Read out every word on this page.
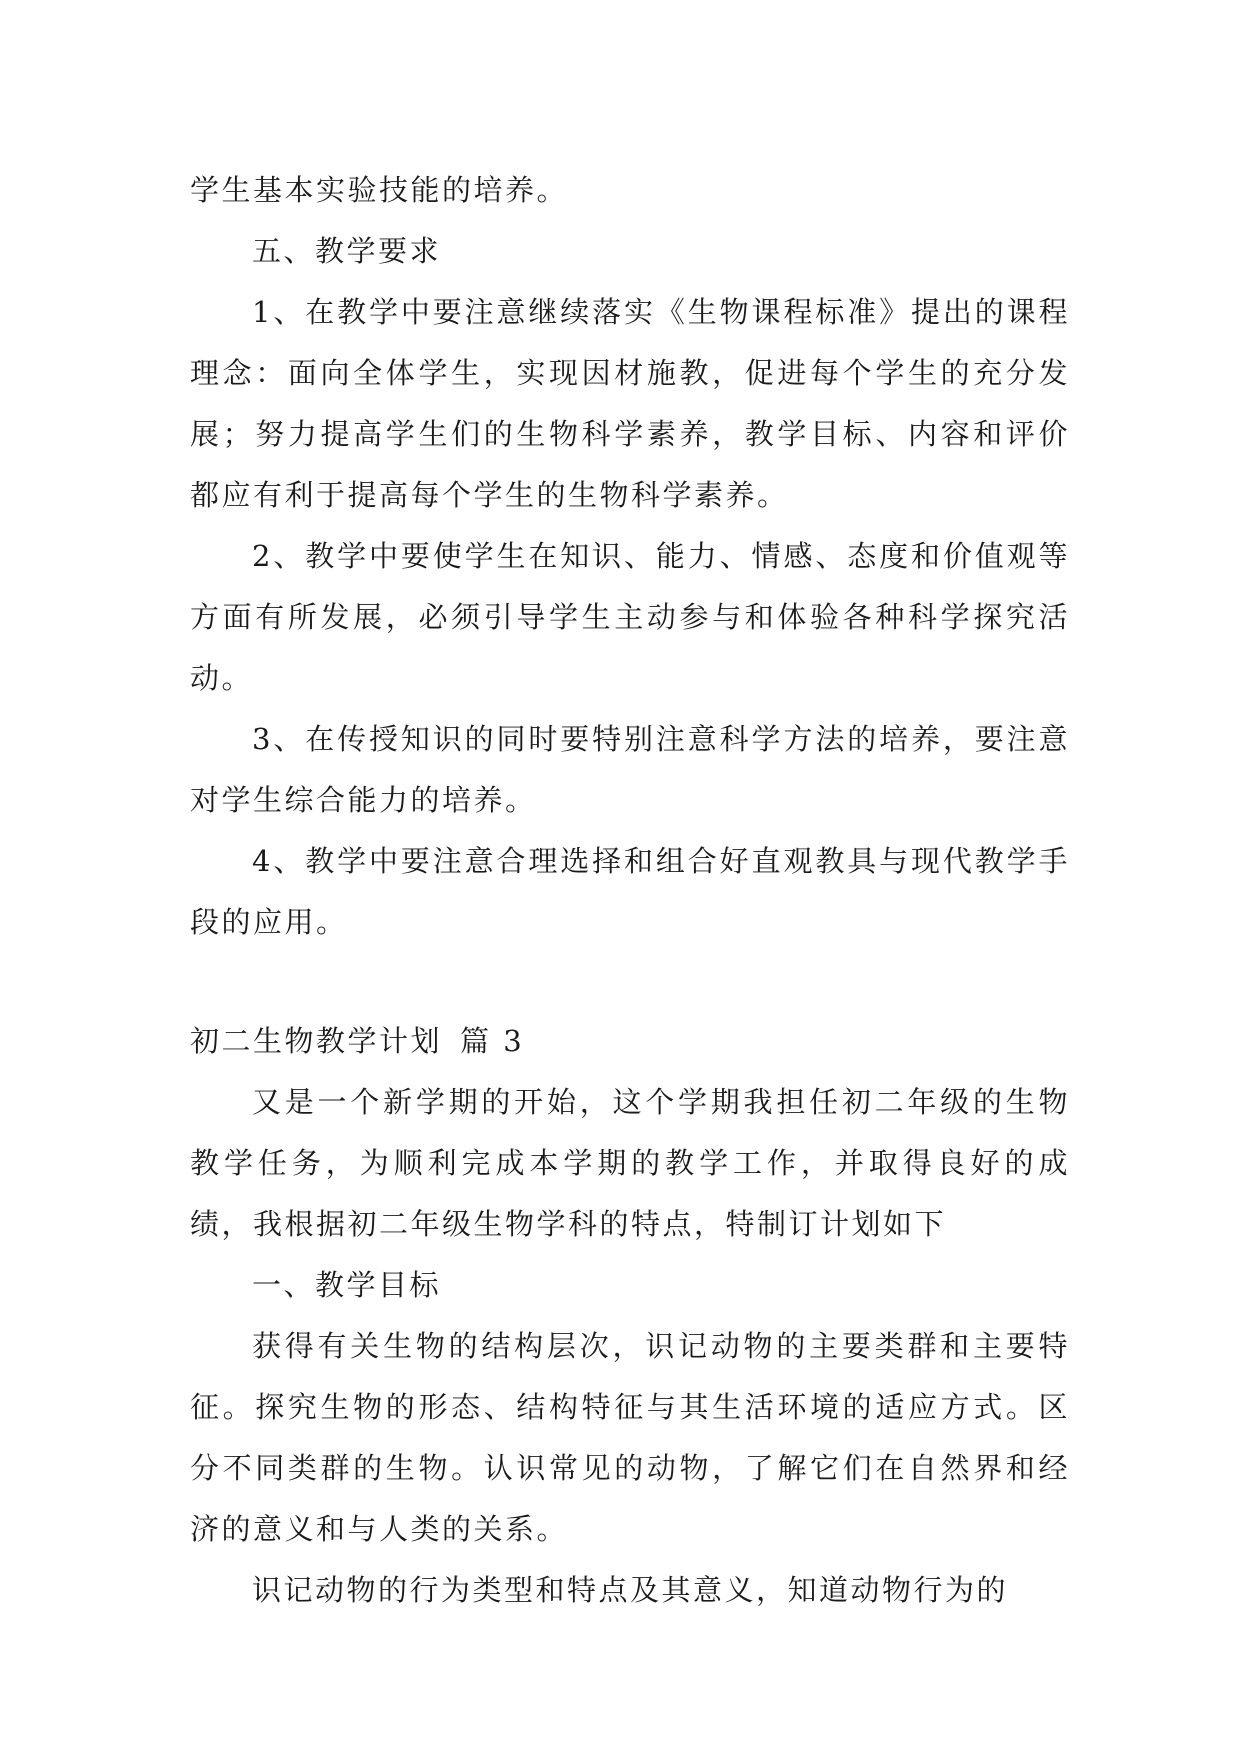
学生基本实验技能的培养。

五、教学要求

1、在教学中要注意继续落实《生物课程标准》提出的课程理念：面向全体学生，实现因材施教，促进每个学生的充分发展；努力提高学生们的生物科学素养，教学目标、内容和评价都应有利于提高每个学生的生物科学素养。

2、教学中要使学生在知识、能力、情感、态度和价值观等方面有所发展，必须引导学生主动参与和体验各种科学探究活动。

3、在传授知识的同时要特别注意科学方法的培养，要注意对学生综合能力的培养。

4、教学中要注意合理选择和组合好直观教具与现代教学手段的应用。

初二生物教学计划 篇 3

又是一个新学期的开始，这个学期我担任初二年级的生物教学任务，为顺利完成本学期的教学工作，并取得良好的成绩，我根据初二年级生物学科的特点，特制订计划如下

一、教学目标

获得有关生物的结构层次，识记动物的主要类群和主要特征。探究生物的形态、结构特征与其生活环境的适应方式。区分不同类群的生物。认识常见的动物，了解它们在自然界和经济的意义和与人类的关系。

识记动物的行为类型和特点及其意义，知道动物行为的
